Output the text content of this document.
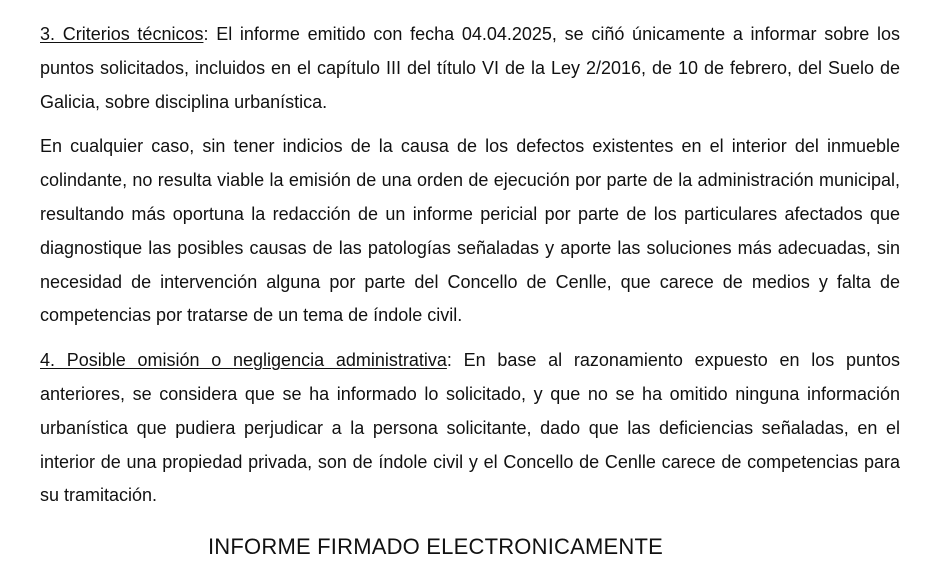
3. Criterios técnicos: El informe emitido con fecha 04.04.2025, se ciñó únicamente a informar sobre los puntos solicitados, incluidos en el capítulo III del título VI de la Ley 2/2016, de 10 de febrero, del Suelo de Galicia, sobre disciplina urbanística.

En cualquier caso, sin tener indicios de la causa de los defectos existentes en el interior del inmueble colindante, no resulta viable la emisión de una orden de ejecución por parte de la administración municipal, resultando más oportuna la redacción de un informe pericial por parte de los particulares afectados que diagnostique las posibles causas de las patologías señaladas y aporte las soluciones más adecuadas, sin necesidad de intervención alguna por parte del Concello de Cenlle, que carece de medios y falta de competencias por tratarse de un tema de índole civil.

4. Posible omisión o negligencia administrativa: En base al razonamiento expuesto en los puntos anteriores, se considera que se ha informado lo solicitado, y que no se ha omitido ninguna información urbanística que pudiera perjudicar a la persona solicitante, dado que las deficiencias señaladas, en el interior de una propiedad privada, son de índole civil y el Concello de Cenlle carece de competencias para su tramitación.

INFORME FIRMADO ELECTRONICAMENTE
